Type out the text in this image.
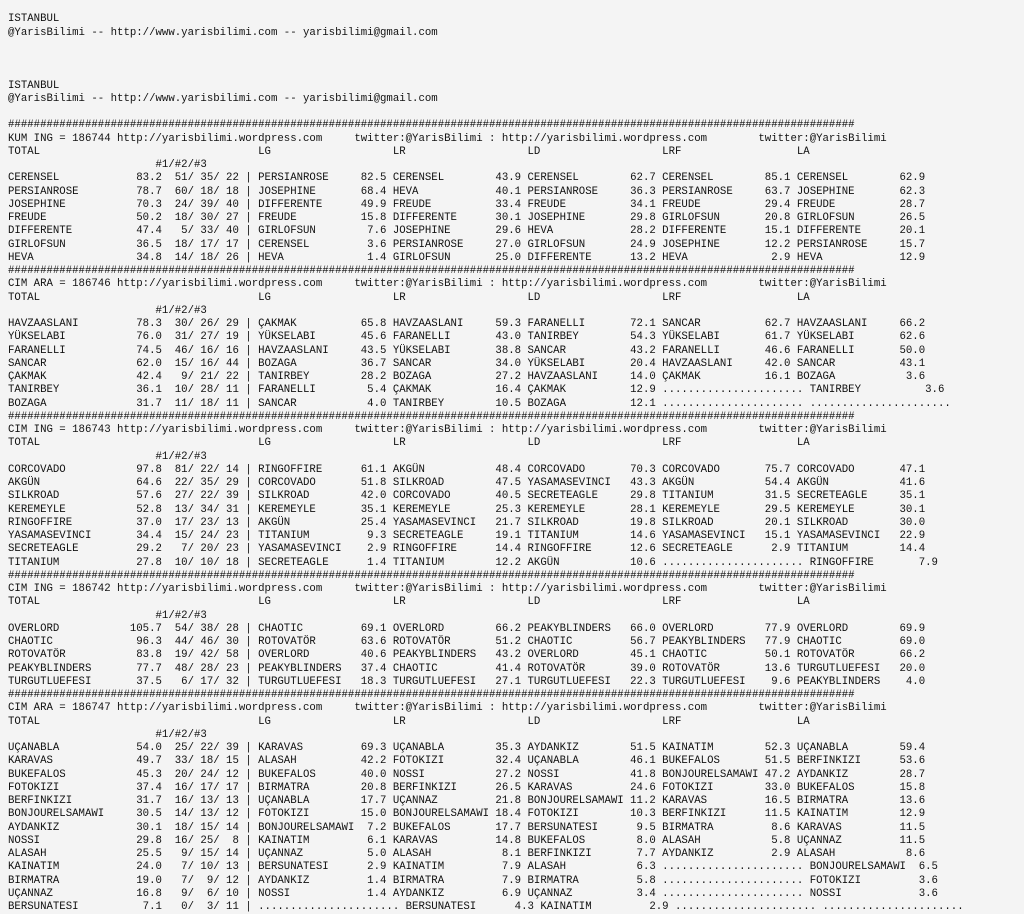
ISTANBUL
@YarisBilimi -- http://www.yarisbilimi.com -- yarisbilimi@gmail.com
ISTANBUL
@YarisBilimi -- http://www.yarisbilimi.com -- yarisbilimi@gmail.com
####################################################################################################################################
KUM ING = 186744 http://yarisbilimi.wordpress.com     twitter:@YarisBilimi : http://yarisbilimi.wordpress.com        twitter:@YarisBilimi
TOTAL                                  LG                   LR                   LD                   LRF                  LA
#1/#2/#3
CERENSEL            83.2  51/ 35/ 22 | PERSIANROSE     82.5 CERENSEL        43.9 CERENSEL        62.7 CERENSEL        85.1 CERENSEL        62.9
PERSIANROSE         78.7  60/ 18/ 18 | JOSEPHINE       68.4 HEVA            40.1 PERSIANROSE     36.3 PERSIANROSE     63.7 JOSEPHINE       62.3
JOSEPHINE           70.3  24/ 39/ 40 | DIFFERENTE      49.9 FREUDE          33.4 FREUDE          34.1 FREUDE          29.4 FREUDE          28.7
FREUDE              50.2  18/ 30/ 27 | FREUDE          15.8 DIFFERENTE      30.1 JOSEPHINE       29.8 GIRLOFSUN       20.8 GIRLOFSUN       26.5
DIFFERENTE          47.4   5/ 33/ 40 | GIRLOFSUN        7.6 JOSEPHINE       29.6 HEVA            28.2 DIFFERENTE      15.1 DIFFERENTE      20.1
GIRLOFSUN           36.5  18/ 17/ 17 | CERENSEL         3.6 PERSIANROSE     27.0 GIRLOFSUN       24.9 JOSEPHINE       12.2 PERSIANROSE     15.7
HEVA                34.8  14/ 18/ 26 | HEVA             1.4 GIRLOFSUN       25.0 DIFFERENTE      13.2 HEVA             2.9 HEVA            12.9
####################################################################################################################################
CIM ARA = 186746 http://yarisbilimi.wordpress.com     twitter:@YarisBilimi : http://yarisbilimi.wordpress.com        twitter:@YarisBilimi
TOTAL                                  LG                   LR                   LD                   LRF                  LA
#1/#2/#3
HAVZAASLANI         78.3  30/ 26/ 29 | ÇAKMAK          65.8 HAVZAASLANI     59.3 FARANELLI       72.1 SANCAR          62.7 HAVZAASLANI     66.2
YÜKSELABI           76.0  31/ 27/ 19 | YÜKSELABI       45.6 FARANELLI       43.0 TANIRBEY        54.3 YÜKSELABI       61.7 YÜKSELABI       62.6
FARANELLI           74.5  46/ 16/ 16 | HAVZAASLANI     43.5 YÜKSELABI       38.8 SANCAR          43.2 FARANELLI       46.6 FARANELLI       50.0
SANCAR              62.0  15/ 16/ 44 | BOZAGA          36.7 SANCAR          34.0 YÜKSELABI       20.4 HAVZAASLANI     42.0 SANCAR          43.1
ÇAKMAK              42.4   9/ 21/ 22 | TANIRBEY        28.2 BOZAGA          27.2 HAVZAASLANI     14.0 ÇAKMAK          16.1 BOZAGA           3.6
TANIRBEY            36.1  10/ 28/ 11 | FARANELLI        5.4 ÇAKMAK          16.4 ÇAKMAK          12.9 ...................... TANIRBEY          3.6
BOZAGA              31.7  11/ 18/ 11 | SANCAR           4.0 TANIRBEY        10.5 BOZAGA          12.1 ...................... ......................
####################################################################################################################################
CIM ING = 186743 http://yarisbilimi.wordpress.com     twitter:@YarisBilimi : http://yarisbilimi.wordpress.com        twitter:@YarisBilimi
TOTAL                                  LG                   LR                   LD                   LRF                  LA
#1/#2/#3
CORCOVADO           97.8  81/ 22/ 14 | RINGOFFIRE      61.1 AKGÜN           48.4 CORCOVADO       70.3 CORCOVADO       75.7 CORCOVADO       47.1
AKGÜN               64.6  22/ 35/ 29 | CORCOVADO       51.8 SILKROAD        47.5 YASAMASEVINCI   43.3 AKGÜN           54.4 AKGÜN           41.6
SILKROAD            57.6  27/ 22/ 39 | SILKROAD        42.0 CORCOVADO       40.5 SECRETEAGLE     29.8 TITANIUM        31.5 SECRETEAGLE     35.1
KEREMEYLE           52.8  13/ 34/ 31 | KEREMEYLE       35.1 KEREMEYLE       25.3 KEREMEYLE       28.1 KEREMEYLE       29.5 KEREMEYLE       30.1
RINGOFFIRE          37.0  17/ 23/ 13 | AKGÜN           25.4 YASAMASEVINCI   21.7 SILKROAD        19.8 SILKROAD        20.1 SILKROAD        30.0
YASAMASEVINCI       34.4  15/ 24/ 23 | TITANIUM         9.3 SECRETEAGLE     19.1 TITANIUM        14.6 YASAMASEVINCI   15.1 YASAMASEVINCI   22.9
SECRETEAGLE         29.2   7/ 20/ 23 | YASAMASEVINCI    2.9 RINGOFFIRE      14.4 RINGOFFIRE      12.6 SECRETEAGLE      2.9 TITANIUM        14.4
TITANIUM            27.8  10/ 10/ 18 | SECRETEAGLE      1.4 TITANIUM        12.2 AKGÜN           10.6 ...................... RINGOFFIRE       7.9
####################################################################################################################################
CIM ING = 186742 http://yarisbilimi.wordpress.com     twitter:@YarisBilimi : http://yarisbilimi.wordpress.com        twitter:@YarisBilimi
TOTAL                                  LG                   LR                   LD                   LRF                  LA
#1/#2/#3
OVERLORD           105.7  54/ 38/ 28 | CHAOTIC         69.1 OVERLORD        66.2 PEAKYBLINDERS   66.0 OVERLORD        77.9 OVERLORD        69.9
CHAOTIC             96.3  44/ 46/ 30 | ROTOVATÖR       63.6 ROTOVATÖR       51.2 CHAOTIC         56.7 PEAKYBLINDERS   77.9 CHAOTIC         69.0
ROTOVATÖR           83.8  19/ 42/ 58 | OVERLORD        40.6 PEAKYBLINDERS   43.2 OVERLORD        45.1 CHAOTIC         50.1 ROTOVATÖR       66.2
PEAKYBLINDERS       77.7  48/ 28/ 23 | PEAKYBLINDERS   37.4 CHAOTIC         41.4 ROTOVATÖR       39.0 ROTOVATÖR       13.6 TURGUTLUEFESI   20.0
TURGUTLUEFESI       37.5   6/ 17/ 32 | TURGUTLUEFESI   18.3 TURGUTLUEFESI   27.1 TURGUTLUEFESI   22.3 TURGUTLUEFESI    9.6 PEAKYBLINDERS    4.0
####################################################################################################################################
CIM ARA = 186747 http://yarisbilimi.wordpress.com     twitter:@YarisBilimi : http://yarisbilimi.wordpress.com        twitter:@YarisBilimi
TOTAL                                  LG                   LR                   LD                   LRF                  LA
#1/#2/#3
UÇANABLA            54.0  25/ 22/ 39 | KARAVAS         69.3 UÇANABLA        35.3 AYDANKIZ        51.5 KAINATIM        52.3 UÇANABLA        59.4
KARAVAS             49.7  33/ 18/ 15 | ALASAH          42.2 FOTOKIZI        32.4 UÇANABLA        46.1 BUKEFALOS       51.5 BERFINKIZI      53.6
BUKEFALOS           45.3  20/ 24/ 12 | BUKEFALOS       40.0 NOSSI           27.2 NOSSI           41.8 BONJOURELSAMAWI 47.2 AYDANKIZ        28.7
FOTOKIZI            37.4  16/ 17/ 17 | BIRMATRA        20.8 BERFINKIZI      26.5 KARAVAS         24.6 FOTOKIZI        33.0 BUKEFALOS       15.8
BERFINKIZI          31.7  16/ 13/ 13 | UÇANABLA        17.7 UÇANNAZ         21.8 BONJOURELSAMAWI 11.2 KARAVAS         16.5 BIRMATRA        13.6
BONJOURELSAMAWI     30.5  14/ 13/ 12 | FOTOKIZI        15.0 BONJOURELSAMAWI 18.4 FOTOKIZI        10.3 BERFINKIZI      11.5 KAINATIM        12.9
AYDANKIZ            30.1  18/ 15/ 14 | BONJOURELSAMAWI  7.2 BUKEFALOS       17.7 BERSUNATESI      9.5 BIRMATRA         8.6 KARAVAS         11.5
NOSSI               29.8  16/ 25/  8 | KAINATIM         6.1 KARAVAS         14.8 BUKEFALOS        8.0 ALASAH           5.8 UÇANNAZ         11.5
ALASAH              25.5   9/ 15/ 14 | UÇANNAZ          5.0 ALASAH           8.1 BERFINKIZI       7.7 AYDANKIZ         2.9 ALASAH           8.6
KAINATIM            24.0   7/ 10/ 13 | BERSUNATESI      2.9 KAINATIM         7.9 ALASAH           6.3 ...................... BONJOURELSAMAWI  6.5
BIRMATRA            19.0   7/  9/ 12 | AYDANKIZ         1.4 BIRMATRA         7.9 BIRMATRA         5.8 ...................... FOTOKIZI         3.6
UÇANNAZ             16.8   9/  6/ 10 | NOSSI            1.4 AYDANKIZ         6.9 UÇANNAZ          3.4 ...................... NOSSI            3.6
BERSUNATESI          7.1   0/  3/ 11 | ...................... BERSUNATESI      4.3 KAINATIM         2.9 ...................... ......................
